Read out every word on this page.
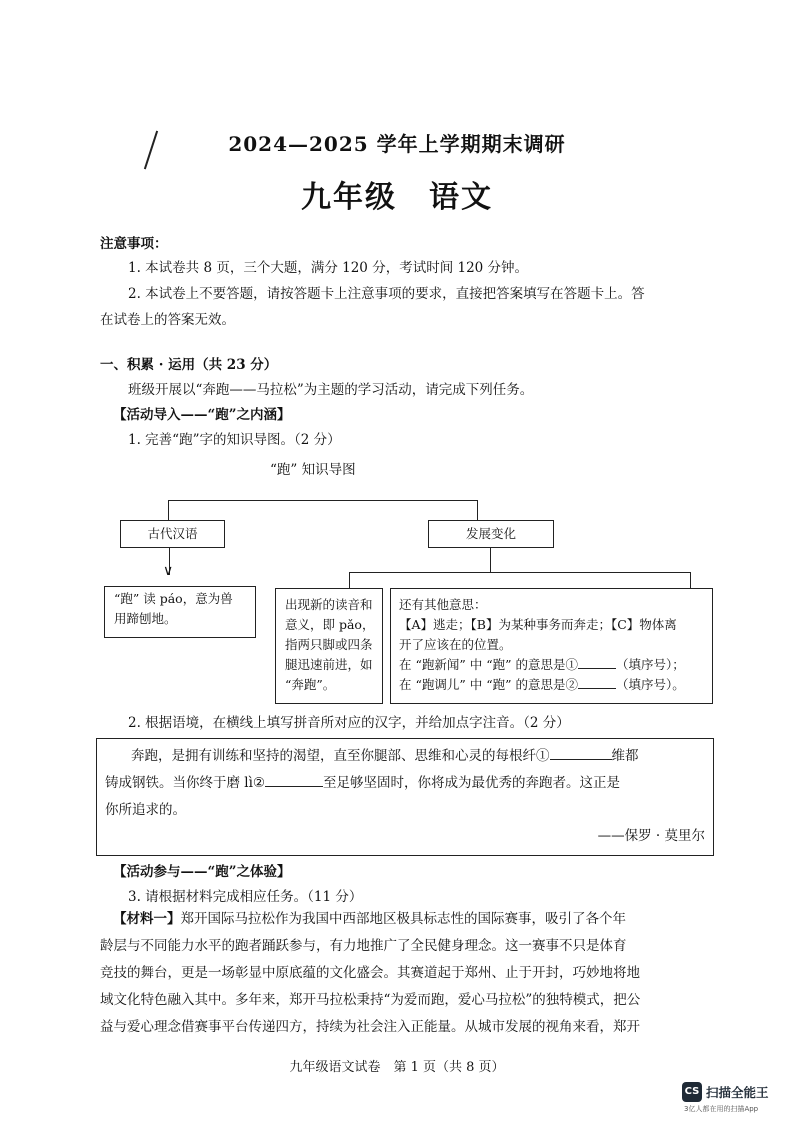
2024—2025 学年上学期期末调研
九年级　语文
注意事项：
1. 本试卷共 8 页，三个大题，满分 120 分，考试时间 120 分钟。
2. 本试卷上不要答题，请按答题卡上注意事项的要求，直接把答案填写在答题卡上。答
在试卷上的答案无效。
一、积累 · 运用（共 23 分）
班级开展以“奔跑——马拉松”为主题的学习活动，请完成下列任务。
【活动导入——“跑”之内涵】
1. 完善“跑”字的知识导图。（2 分）
“跑” 知识导图
古代汉语	发展变化
∨
“跑” 读 páo，意为兽
用蹄刨地。
出现新的读音和
意义，即 pǎo，
指两只脚或四条
腿迅速前进，如
“奔跑”。
还有其他意思：
【A】逃走；【B】为某种事务而奔走；【C】物体离
开了应该在的位置。
在 “跑新闻” 中 “跑” 的意思是①	（填序号）；
在 “跑调儿” 中 “跑” 的意思是②	（填序号）。
2. 根据语境，在横线上填写拼音所对应的汉字，并给加点字注音。（2 分）
奔跑，是拥有训练和坚持的渴望，直至你腿部、思维和心灵的每根纤①	维都
铸成钢铁。当你终于磨 lì②	至足够坚固时，你将成为最优秀的奔跑者。这正是
你所追求的。
——保罗 · 莫里尔
【活动参与——“跑”之体验】
3. 请根据材料完成相应任务。（11 分）
【材料一】郑开国际马拉松作为我国中西部地区极具标志性的国际赛事，吸引了各个年
龄层与不同能力水平的跑者踊跃参与，有力地推广了全民健身理念。这一赛事不只是体育
竞技的舞台，更是一场彰显中原底蕴的文化盛会。其赛道起于郑州、止于开封，巧妙地将地
域文化特色融入其中。多年来，郑开马拉松秉持“为爱而跑，爱心马拉松”的独特模式，把公
益与爱心理念借赛事平台传递四方，持续为社会注入正能量。从城市发展的视角来看，郑开
九年级语文试卷　第 1 页（共 8 页）
CS 扫描全能王
3亿人都在用的扫描App
